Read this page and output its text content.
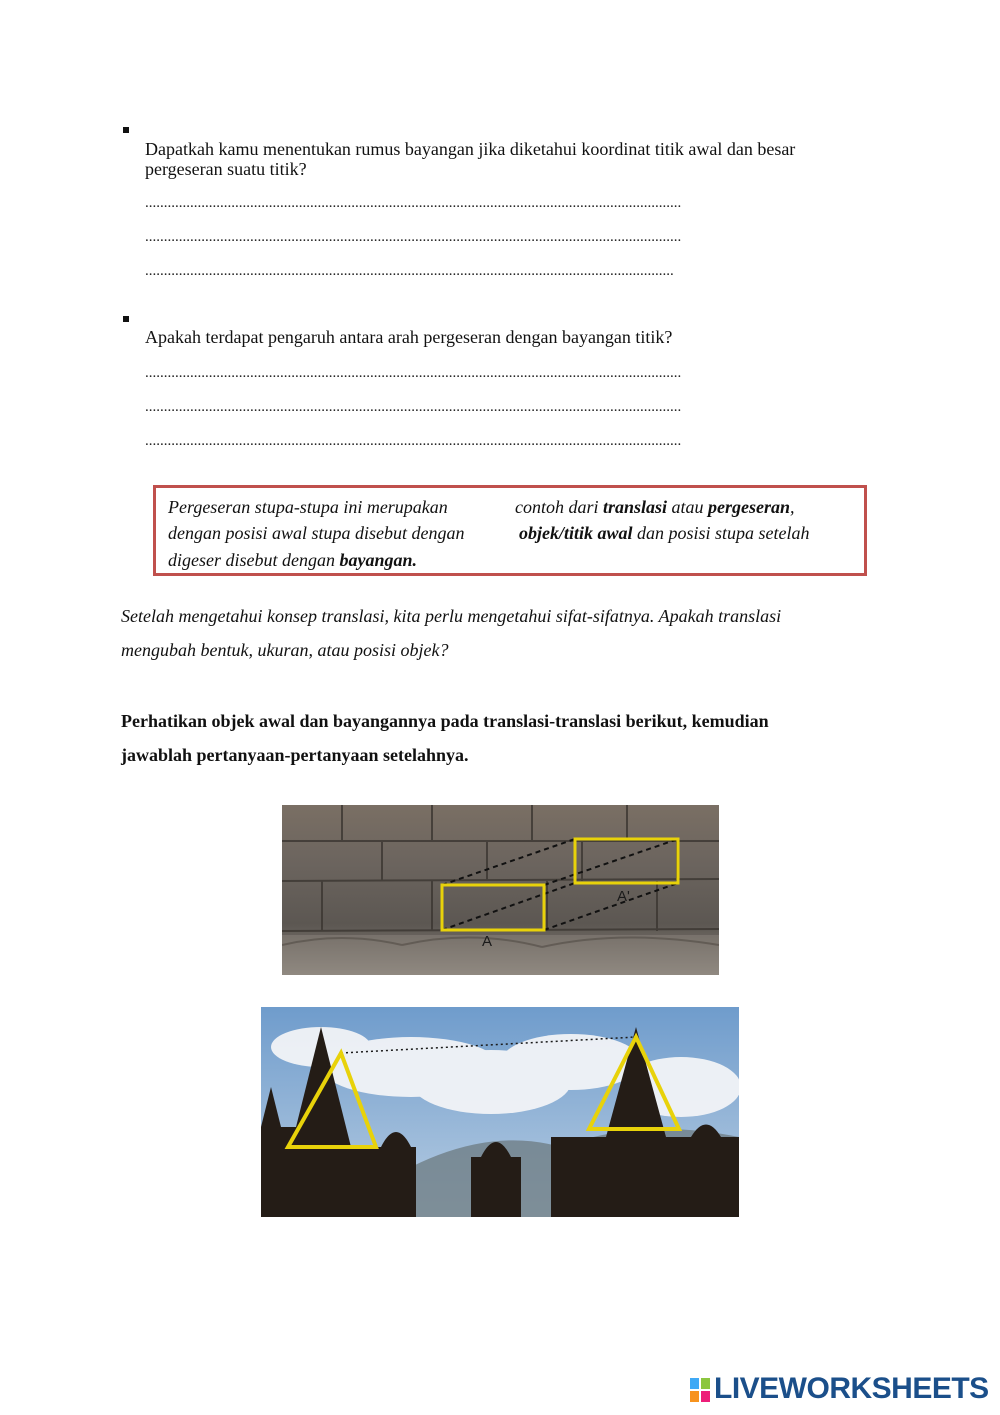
Dapatkah kamu menentukan rumus bayangan jika diketahui koordinat titik awal dan besar
pergeseran suatu titik?
...............................................................................................................................................
...............................................................................................................................................
.............................................................................................................................................
Apakah terdapat pengaruh antara arah pergeseran dengan bayangan titik?
...............................................................................................................................................
...............................................................................................................................................
...............................................................................................................................................
Pergeseran stupa-stupa ini merupakan	contoh dari translasi atau pergeseran,
dengan posisi awal stupa disebut dengan	objek/titik awal dan posisi stupa setelah
digeser disebut dengan bayangan.
Setelah mengetahui konsep translasi, kita perlu mengetahui sifat-sifatnya. Apakah translasi
mengubah bentuk, ukuran, atau posisi objek?
Perhatikan objek awal dan bayangannya pada translasi-translasi berikut, kemudian
jawablah pertanyaan-pertanyaan setelahnya.
A
A'
LIVEWORKSHEETS
